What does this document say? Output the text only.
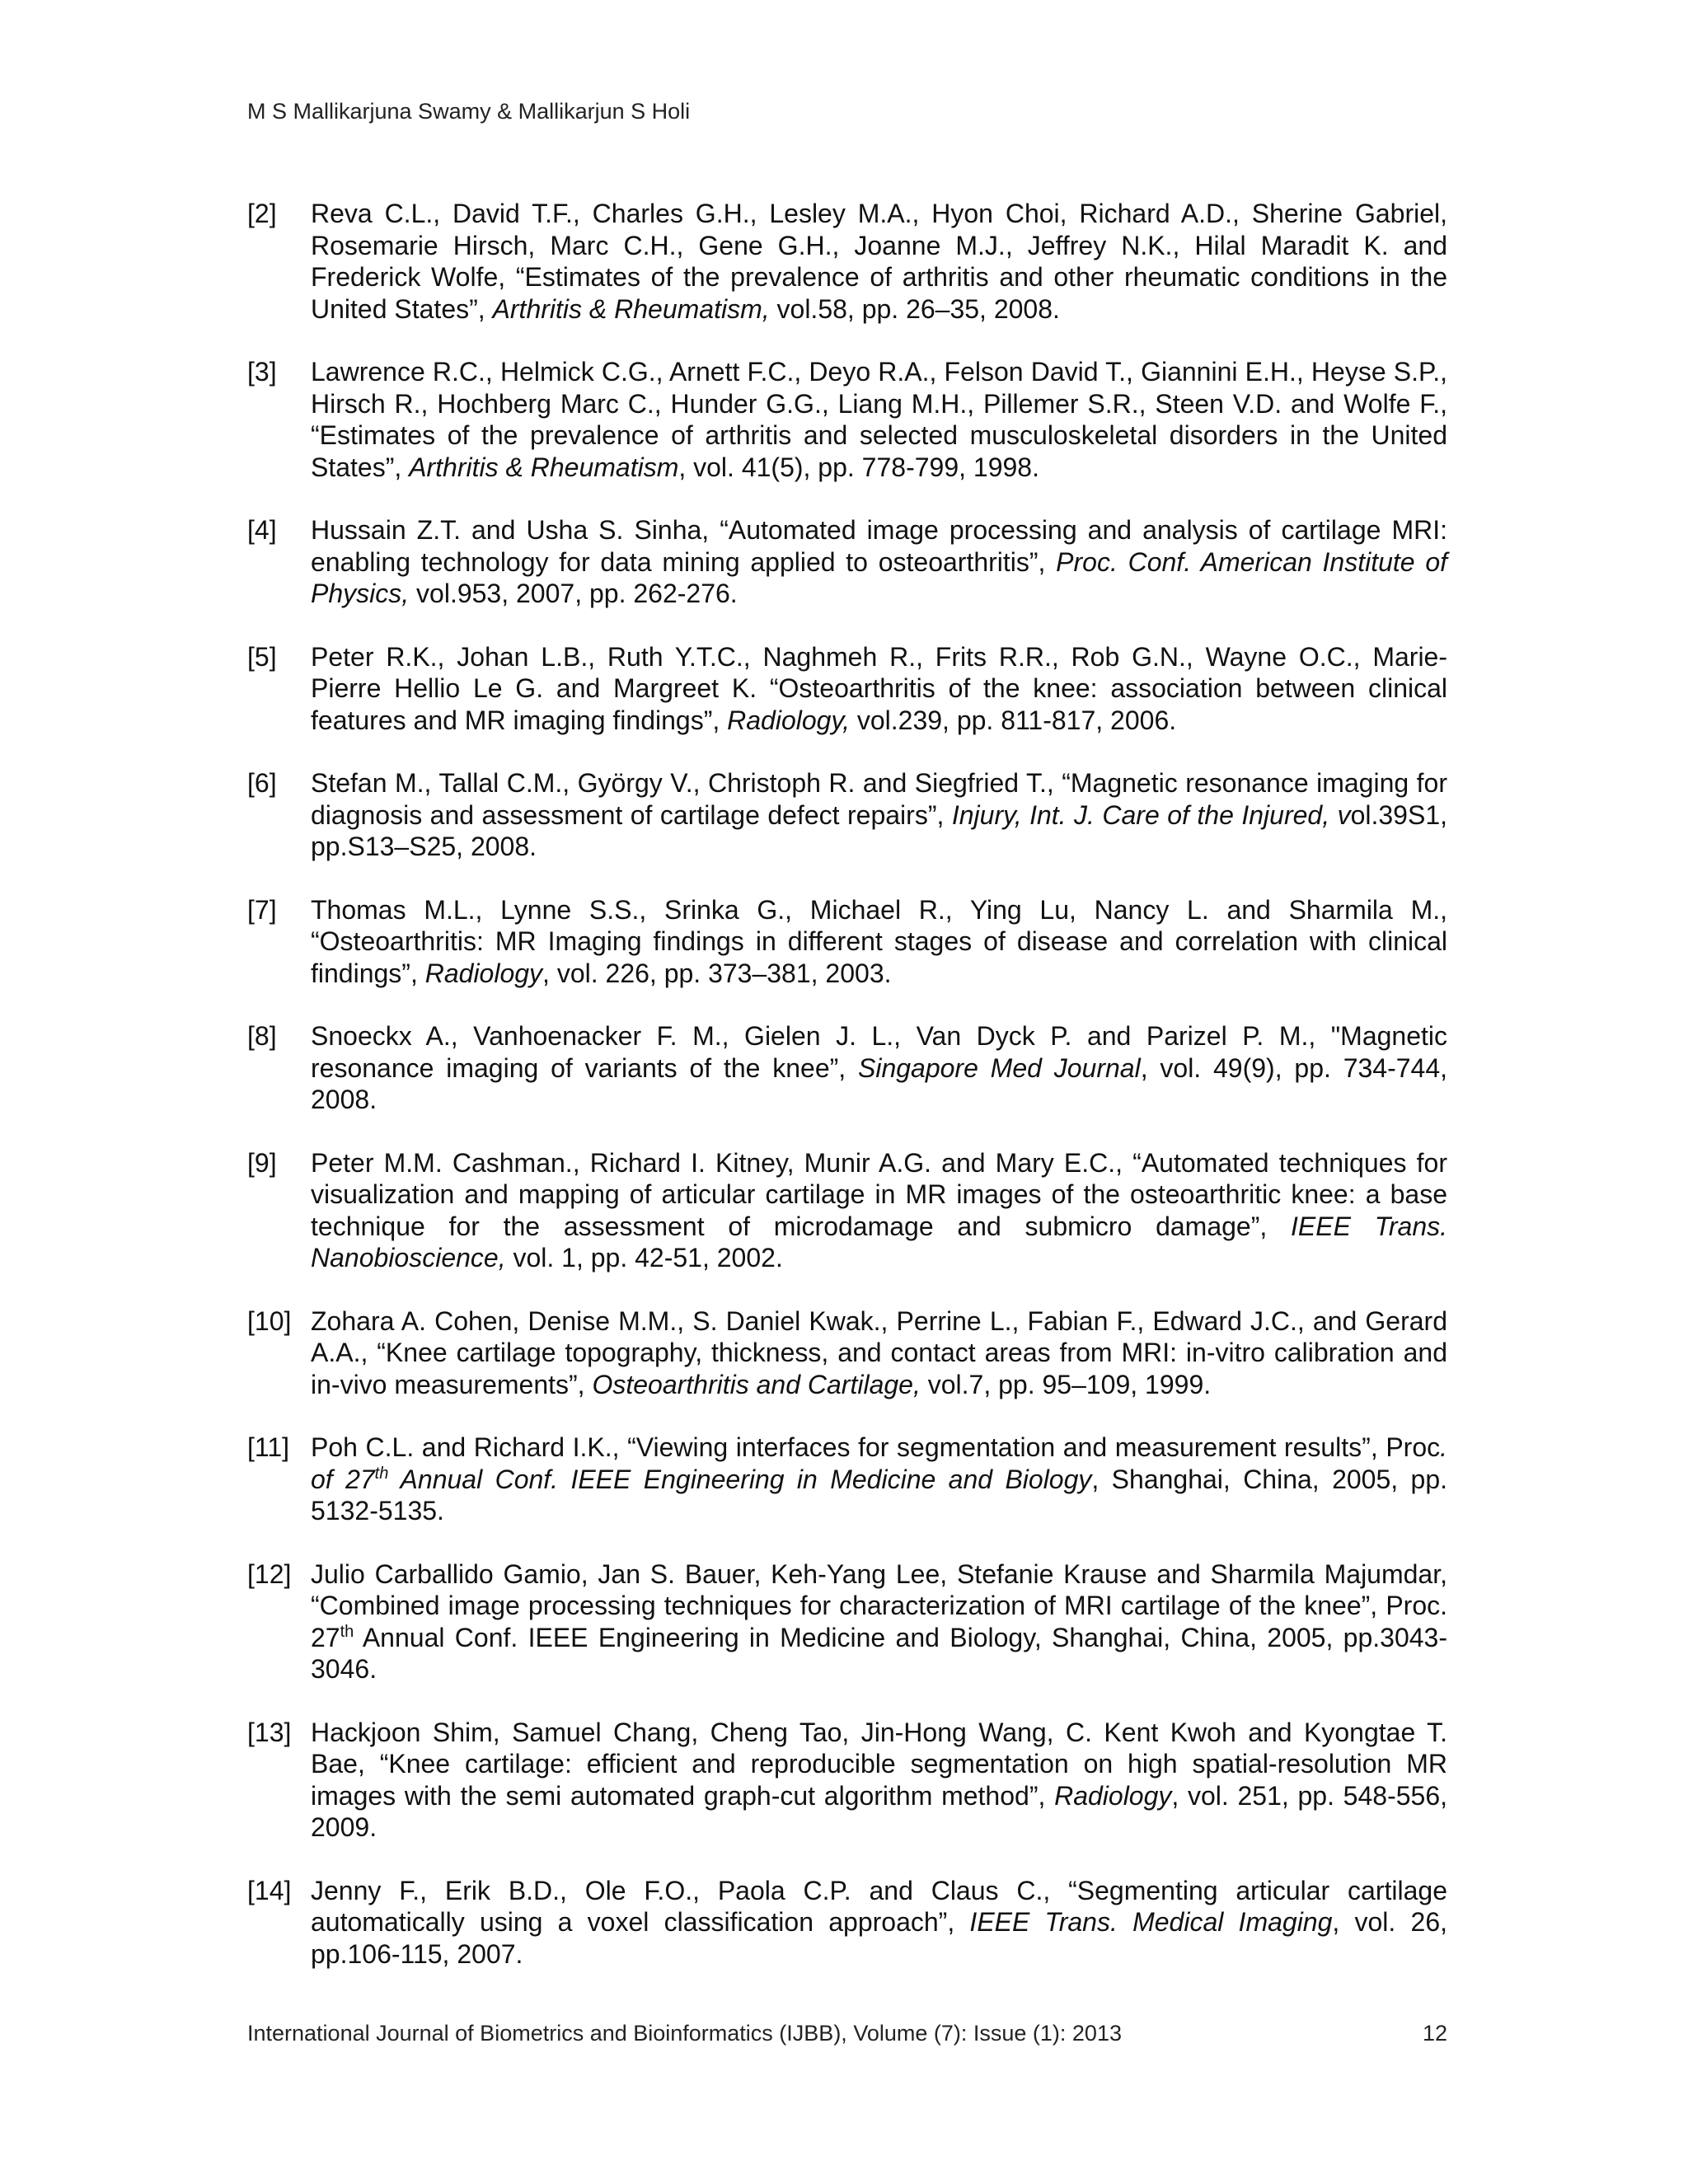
M S Mallikarjuna Swamy & Mallikarjun S Holi
[2] Reva C.L., David T.F., Charles G.H., Lesley M.A., Hyon Choi, Richard A.D., Sherine Gabriel, Rosemarie Hirsch, Marc C.H., Gene G.H., Joanne M.J., Jeffrey N.K., Hilal Maradit K. and Frederick Wolfe, “Estimates of the prevalence of arthritis and other rheumatic conditions in the United States”, Arthritis & Rheumatism, vol.58, pp. 26–35, 2008.
[3] Lawrence R.C., Helmick C.G., Arnett F.C., Deyo R.A., Felson David T., Giannini E.H., Heyse S.P., Hirsch R., Hochberg Marc C., Hunder G.G., Liang M.H., Pillemer S.R., Steen V.D. and Wolfe F., “Estimates of the prevalence of arthritis and selected musculoskeletal disorders in the United States”, Arthritis & Rheumatism, vol. 41(5), pp. 778-799, 1998.
[4] Hussain Z.T. and Usha S. Sinha, “Automated image processing and analysis of cartilage MRI: enabling technology for data mining applied to osteoarthritis”, Proc. Conf. American Institute of Physics, vol.953, 2007, pp. 262-276.
[5] Peter R.K., Johan L.B., Ruth Y.T.C., Naghmeh R., Frits R.R., Rob G.N., Wayne O.C., Marie-Pierre Hellio Le G. and Margreet K. “Osteoarthritis of the knee: association between clinical features and MR imaging findings”, Radiology, vol.239, pp. 811-817, 2006.
[6] Stefan M., Tallal C.M., György V., Christoph R. and Siegfried T., “Magnetic resonance imaging for diagnosis and assessment of cartilage defect repairs”, Injury, Int. J. Care of the Injured, vol.39S1, pp.S13–S25, 2008.
[7] Thomas M.L., Lynne S.S., Srinka G., Michael R., Ying Lu, Nancy L. and Sharmila M., “Osteoarthritis: MR Imaging findings in different stages of disease and correlation with clinical findings”, Radiology, vol. 226, pp. 373–381, 2003.
[8] Snoeckx A., Vanhoenacker F. M., Gielen J. L., Van Dyck P. and Parizel P. M., "Magnetic resonance imaging of variants of the knee”, Singapore Med Journal, vol. 49(9), pp. 734-744, 2008.
[9] Peter M.M. Cashman., Richard I. Kitney, Munir A.G. and Mary E.C., “Automated techniques for visualization and mapping of articular cartilage in MR images of the osteoarthritic knee: a base technique for the assessment of microdamage and submicro damage”, IEEE Trans. Nanobioscience, vol. 1, pp. 42-51, 2002.
[10] Zohara A. Cohen, Denise M.M., S. Daniel Kwak., Perrine L., Fabian F., Edward J.C., and Gerard A.A., “Knee cartilage topography, thickness, and contact areas from MRI: in-vitro calibration and in-vivo measurements”, Osteoarthritis and Cartilage, vol.7, pp. 95–109, 1999.
[11] Poh C.L. and Richard I.K., “Viewing interfaces for segmentation and measurement results”, Proc. of 27th Annual Conf. IEEE Engineering in Medicine and Biology, Shanghai, China, 2005, pp. 5132-5135.
[12] Julio Carballido Gamio, Jan S. Bauer, Keh-Yang Lee, Stefanie Krause and Sharmila Majumdar, “Combined image processing techniques for characterization of MRI cartilage of the knee”, Proc. 27th Annual Conf. IEEE Engineering in Medicine and Biology, Shanghai, China, 2005, pp.3043-3046.
[13] Hackjoon Shim, Samuel Chang, Cheng Tao, Jin-Hong Wang, C. Kent Kwoh and Kyongtae T. Bae, “Knee cartilage: efficient and reproducible segmentation on high spatial-resolution MR images with the semi automated graph-cut algorithm method”, Radiology, vol. 251, pp. 548-556, 2009.
[14] Jenny F., Erik B.D., Ole F.O., Paola C.P. and Claus C., “Segmenting articular cartilage automatically using a voxel classification approach”, IEEE Trans. Medical Imaging, vol. 26, pp.106-115, 2007.
International Journal of Biometrics and Bioinformatics (IJBB), Volume (7): Issue (1): 2013	12
